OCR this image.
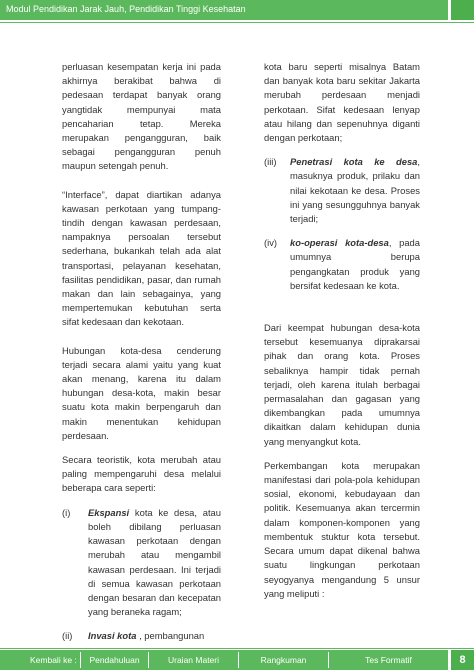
Modul Pendidikan Jarak Jauh, Pendidikan Tinggi Kesehatan

perluasan kesempatan kerja ini pada akhirnya berakibat bahwa di pedesaan terdapat banyak orang yangtidak mempunyai mata pencaharian tetap. Mereka merupakan pengangguran, baik sebagai pengangguran penuh maupun setengah penuh.

“Interface”, dapat diartikan adanya kawasan perkotaan yang tumpang-tindih dengan kawasan perdesaan, nampaknya persoalan tersebut sederhana, bukankah telah ada alat transportasi, pelayanan kesehatan, fasilitas pendidikan, pasar, dan rumah makan dan lain sebagainya, yang mempertemukan kebutuhan serta sifat kedesaan dan kekotaan.

Hubungan kota-desa cenderung terjadi secara alami yaitu yang kuat akan menang, karena itu dalam hubungan desa-kota, makin besar suatu kota makin berpengaruh dan makin menentukan kehidupan perdesaan.

Secara teoristik, kota merubah atau paling mempengaruhi desa melalui beberapa cara seperti:

(i)	Ekspansi kota ke desa, atau boleh dibilang perluasan kawasan perkotaan dengan merubah atau mengambil kawasan perdesaan. Ini terjadi di semua kawasan perkotaan dengan besaran dan kecepatan yang beraneka ragam;
(ii)	Invasi kota , pembangunan

kota baru seperti misalnya Batam dan banyak kota baru sekitar Jakarta merubah perdesaan menjadi perkotaan. Sifat kedesaan lenyap atau hilang dan sepenuhnya diganti dengan perkotaan;

(iii)	Penetrasi kota ke desa, masuknya produk, prilaku dan nilai kekotaan ke desa. Proses ini yang sesungguhnya banyak terjadi;
(iv)	ko-operasi kota-desa, pada umumnya berupa pengangkatan produk yang bersifat kedesaan ke kota.

Dari keempat hubungan desa-kota tersebut kesemuanya diprakarsai pihak dan orang kota. Proses sebaliknya hampir tidak pernah terjadi, oleh karena itulah berbagai permasalahan dan gagasan yang dikembangkan pada umumnya dikaitkan dalam kehidupan dunia yang menyangkut kota.

Perkembangan kota merupakan manifestasi dari pola-pola kehidupan sosial, ekonomi, kebudayaan dan politik. Kesemuanya akan tercermin dalam komponen-komponen yang membentuk stuktur kota tersebut. Secara umum dapat dikenal bahwa suatu lingkungan perkotaan seyogyanya mengandung 5 unsur yang meliputi :

Kembali ke :	Pendahuluan	Uraian Materi	Rangkuman	Tes Formatif	8
